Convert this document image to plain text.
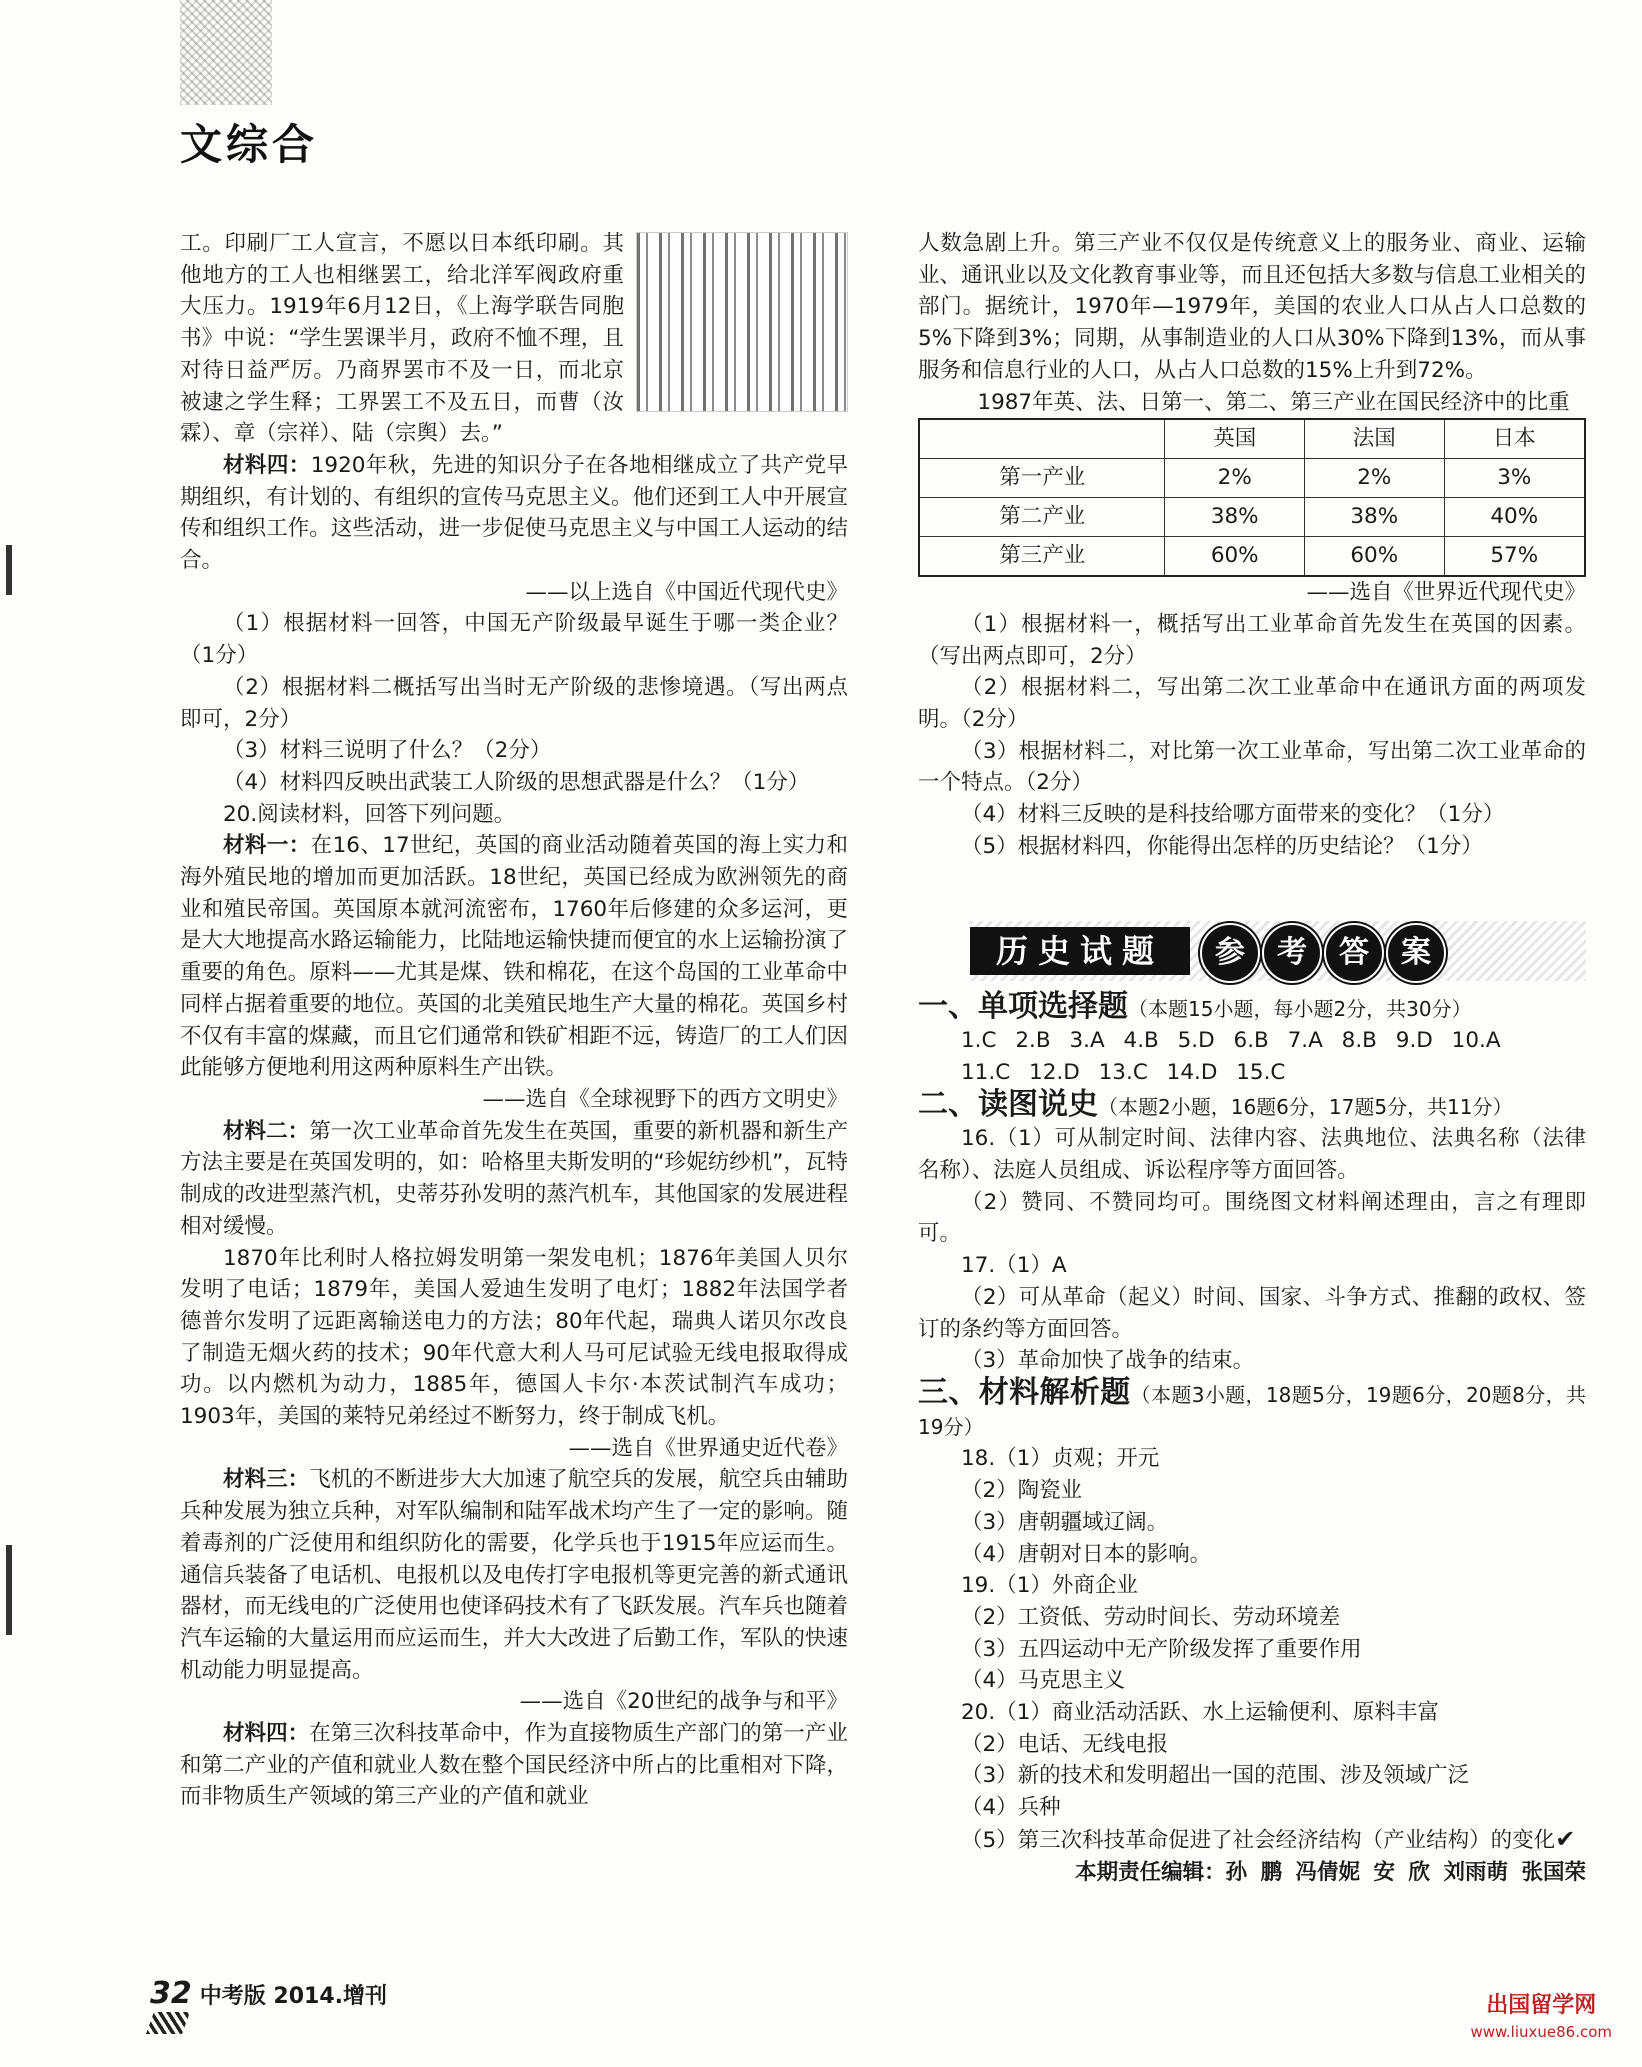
文综合

工。印刷厂工人宣言，不愿以日本纸印刷。其他地方的工人也相继罢工，给北洋军阀政府重大压力。1919年6月12日，《上海学联告同胞书》中说：“学生罢课半月，政府不恤不理，且对待日益严厉。乃商界罢市不及一日，而北京被逮之学生释；工界罢工不及五日，而曹（汝霖）、章（宗祥）、陆（宗舆）去。”

材料四：1920年秋，先进的知识分子在各地相继成立了共产党早期组织，有计划的、有组织的宣传马克思主义。他们还到工人中开展宣传和组织工作。这些活动，进一步促使马克思主义与中国工人运动的结合。

——以上选自《中国近代现代史》

（1）根据材料一回答，中国无产阶级最早诞生于哪一类企业？（1分）

（2）根据材料二概括写出当时无产阶级的悲惨境遇。（写出两点即可，2分）

（3）材料三说明了什么？（2分）

（4）材料四反映出武装工人阶级的思想武器是什么？（1分）

20.阅读材料，回答下列问题。

材料一：在16、17世纪，英国的商业活动随着英国的海上实力和海外殖民地的增加而更加活跃。18世纪，英国已经成为欧洲领先的商业和殖民帝国。英国原本就河流密布，1760年后修建的众多运河，更是大大地提高水路运输能力，比陆地运输快捷而便宜的水上运输扮演了重要的角色。原料——尤其是煤、铁和棉花，在这个岛国的工业革命中同样占据着重要的地位。英国的北美殖民地生产大量的棉花。英国乡村不仅有丰富的煤藏，而且它们通常和铁矿相距不远，铸造厂的工人们因此能够方便地利用这两种原料生产出铁。

——选自《全球视野下的西方文明史》

材料二：第一次工业革命首先发生在英国，重要的新机器和新生产方法主要是在英国发明的，如：哈格里夫斯发明的“珍妮纺纱机”，瓦特制成的改进型蒸汽机，史蒂芬孙发明的蒸汽机车，其他国家的发展进程相对缓慢。

1870年比利时人格拉姆发明第一架发电机；1876年美国人贝尔发明了电话；1879年，美国人爱迪生发明了电灯；1882年法国学者德普尔发明了远距离输送电力的方法；80年代起，瑞典人诺贝尔改良了制造无烟火药的技术；90年代意大利人马可尼试验无线电报取得成功。以内燃机为动力，1885年，德国人卡尔·本茨试制汽车成功；1903年，美国的莱特兄弟经过不断努力，终于制成飞机。

——选自《世界通史近代卷》

材料三：飞机的不断进步大大加速了航空兵的发展，航空兵由辅助兵种发展为独立兵种，对军队编制和陆军战术均产生了一定的影响。随着毒剂的广泛使用和组织防化的需要，化学兵也于1915年应运而生。通信兵装备了电话机、电报机以及电传打字电报机等更完善的新式通讯器材，而无线电的广泛使用也使译码技术有了飞跃发展。汽车兵也随着汽车运输的大量运用而应运而生，并大大改进了后勤工作，军队的快速机动能力明显提高。

——选自《20世纪的战争与和平》

材料四：在第三次科技革命中，作为直接物质生产部门的第一产业和第二产业的产值和就业人数在整个国民经济中所占的比重相对下降，而非物质生产领域的第三产业的产值和就业

人数急剧上升。第三产业不仅仅是传统意义上的服务业、商业、运输业、通讯业以及文化教育事业等，而且还包括大多数与信息工业相关的部门。据统计，1970年—1979年，美国的农业人口从占人口总数的5%下降到3%；同期，从事制造业的人口从30%下降到13%，而从事服务和信息行业的人口，从占人口总数的15%上升到72%。

1987年英、法、日第一、第二、第三产业在国民经济中的比重

	英国	法国	日本
第一产业	2%	2%	3%
第二产业	38%	38%	40%
第三产业	60%	60%	57%

——选自《世界近代现代史》

（1）根据材料一，概括写出工业革命首先发生在英国的因素。（写出两点即可，2分）

（2）根据材料二，写出第二次工业革命中在通讯方面的两项发明。（2分）

（3）根据材料二，对比第一次工业革命，写出第二次工业革命的一个特点。（2分）

（4）材料三反映的是科技给哪方面带来的变化？（1分）

（5）根据材料四，你能得出怎样的历史结论？（1分）

历史试题	参	考	答	案

一、单项选择题（本题15小题，每小题2分，共30分）

1.C 2.B 3.A 4.B 5.D 6.B 7.A 8.B 9.D 10.A

11.C 12.D 13.C 14.D 15.C

二、读图说史（本题2小题，16题6分，17题5分，共11分）

16.（1）可从制定时间、法律内容、法典地位、法典名称（法律名称）、法庭人员组成、诉讼程序等方面回答。

（2）赞同、不赞同均可。围绕图文材料阐述理由，言之有理即可。

17.（1）A

（2）可从革命（起义）时间、国家、斗争方式、推翻的政权、签订的条约等方面回答。

（3）革命加快了战争的结束。

三、材料解析题（本题3小题，18题5分，19题6分，20题8分，共19分）

18.（1）贞观；开元

（2）陶瓷业

（3）唐朝疆域辽阔。

（4）唐朝对日本的影响。

19.（1）外商企业

（2）工资低、劳动时间长、劳动环境差

（3）五四运动中无产阶级发挥了重要作用

（4）马克思主义

20.（1）商业活动活跃、水上运输便利、原料丰富

（2）电话、无线电报

（3）新的技术和发明超出一国的范围、涉及领域广泛

（4）兵种

（5）第三次科技革命促进了社会经济结构（产业结构）的变化✔

本期责任编辑：孙 鹏 冯倩妮 安 欣 刘雨萌 张国荣

32 中考版 2014.增刊	出国留学网
www.liuxue86.com
